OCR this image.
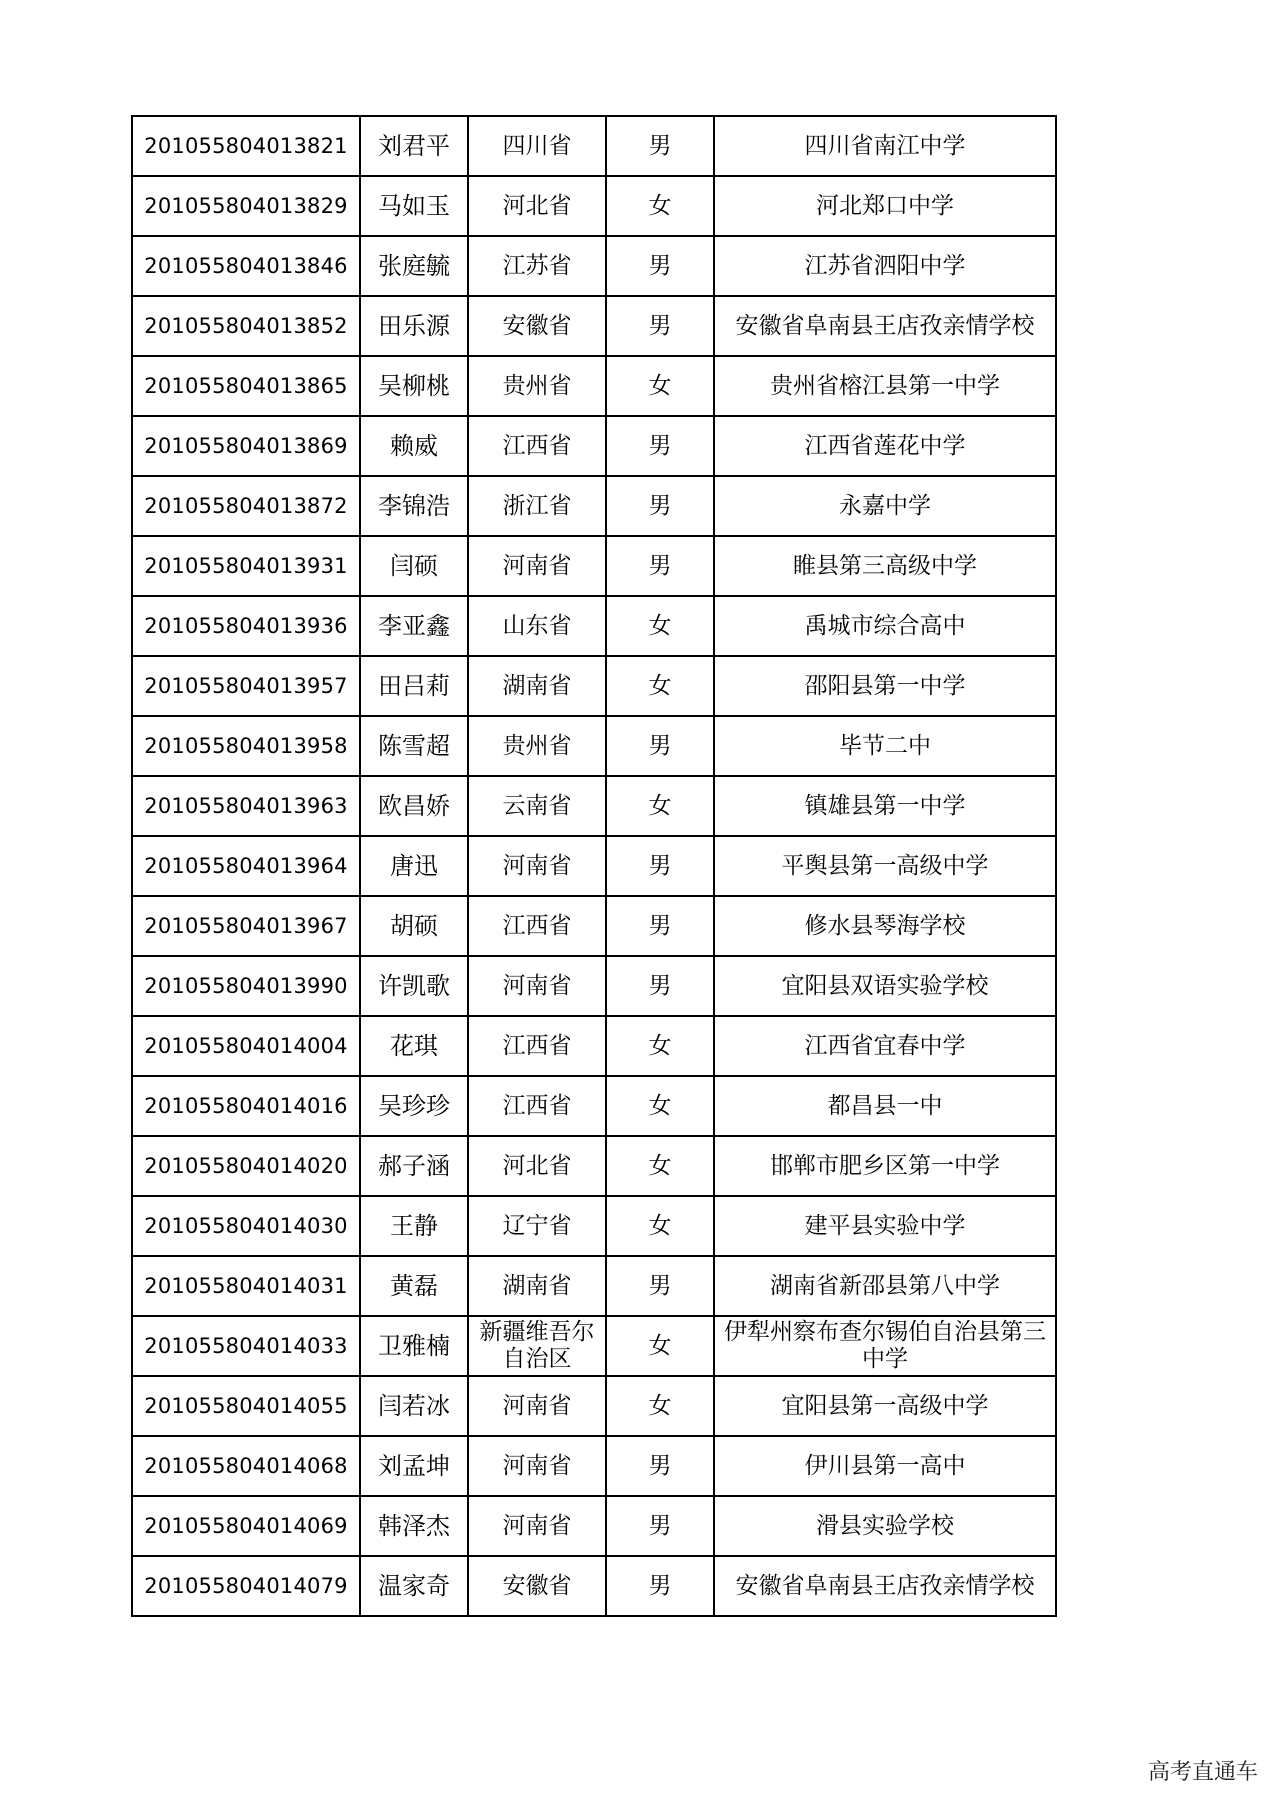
201055804013821	刘君平	四川省	男	四川省南江中学
201055804013829	马如玉	河北省	女	河北郑口中学
201055804013846	张庭毓	江苏省	男	江苏省泗阳中学
201055804013852	田乐源	安徽省	男	安徽省阜南县王店孜亲情学校
201055804013865	吴柳桃	贵州省	女	贵州省榕江县第一中学
201055804013869	赖威	江西省	男	江西省莲花中学
201055804013872	李锦浩	浙江省	男	永嘉中学
201055804013931	闫硕	河南省	男	睢县第三高级中学
201055804013936	李亚鑫	山东省	女	禹城市综合高中
201055804013957	田吕莉	湖南省	女	邵阳县第一中学
201055804013958	陈雪超	贵州省	男	毕节二中
201055804013963	欧昌娇	云南省	女	镇雄县第一中学
201055804013964	唐迅	河南省	男	平舆县第一高级中学
201055804013967	胡硕	江西省	男	修水县琴海学校
201055804013990	许凯歌	河南省	男	宜阳县双语实验学校
201055804014004	花琪	江西省	女	江西省宜春中学
201055804014016	吴珍珍	江西省	女	都昌县一中
201055804014020	郝子涵	河北省	女	邯郸市肥乡区第一中学
201055804014030	王静	辽宁省	女	建平县实验中学
201055804014031	黄磊	湖南省	男	湖南省新邵县第八中学
201055804014033	卫雅楠	新疆维吾尔自治区	女	伊犁州察布查尔锡伯自治县第三中学
201055804014055	闫若冰	河南省	女	宜阳县第一高级中学
201055804014068	刘孟坤	河南省	男	伊川县第一高中
201055804014069	韩泽杰	河南省	男	滑县实验学校
201055804014079	温家奇	安徽省	男	安徽省阜南县王店孜亲情学校
高考直通车
